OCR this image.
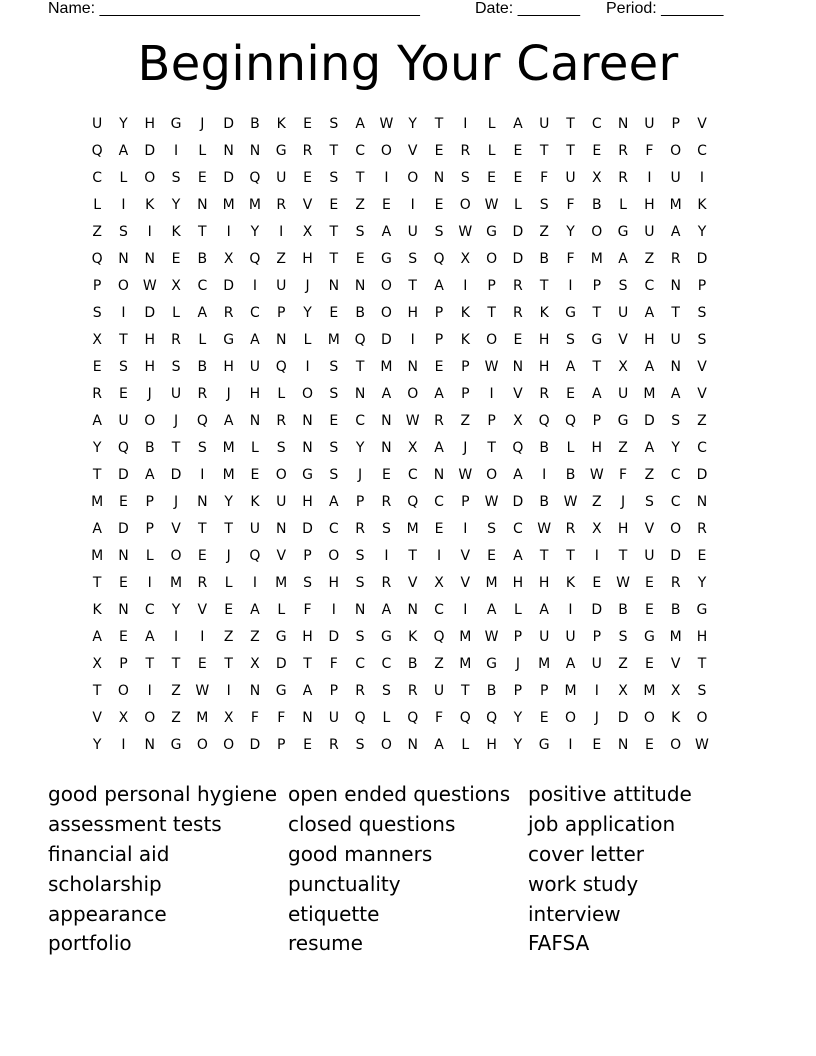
Name: ____________________________________	Date: _______ Period: _______
Beginning Your Career
U Y H G J D B K E S A W Y T I L A U T C N U P V
Q A D I L N N G R T C O V E R L E T T E R F O C
C L O S E D Q U E S T I O N S E E F U X R I U I
L I K Y N M M R V E Z E I E O W L S F B L H M K
Z S I K T I Y I X T S A U S W G D Z Y O G U A Y
Q N N E B X Q Z H T E G S Q X O D B F M A Z R D
P O W X C D I U J N N O T A I P R T I P S C N P
S I D L A R C P Y E B O H P K T R K G T U A T S
X T H R L G A N L M Q D I P K O E H S G V H U S
E S H S B H U Q I S T M N E P W N H A T X A N V
R E J U R J H L O S N A O A P I V R E A U M A V
A U O J Q A N R N E C N W R Z P X Q Q P G D S Z
Y Q B T S M L S N S Y N X A J T Q B L H Z A Y C
T D A D I M E O G S J E C N W O A I B W F Z C D
M E P J N Y K U H A P R Q C P W D B W Z J S C N
A D P V T T U N D C R S M E I S C W R X H V O R
M N L O E J Q V P O S I T I V E A T T I T U D E
T E I M R L I M S H S R V X V M H H K E W E R Y
K N C Y V E A L F I N A N C I A L A I D B E B G
A E A I I Z Z G H D S G K Q M W P U U P S G M H
X P T T E T X D T F C C B Z M G J M A U Z E V T
T O I Z W I N G A P R S R U T B P P M I X M X S
V X O Z M X F F N U Q L Q F Q Q Y E O J D O K O
Y I N G O O D P E R S O N A L H Y G I E N E O W
good personal hygiene
assessment tests
financial aid
scholarship
appearance
portfolio
open ended questions
closed questions
good manners
punctuality
etiquette
resume
positive attitude
job application
cover letter
work study
interview
FAFSA
